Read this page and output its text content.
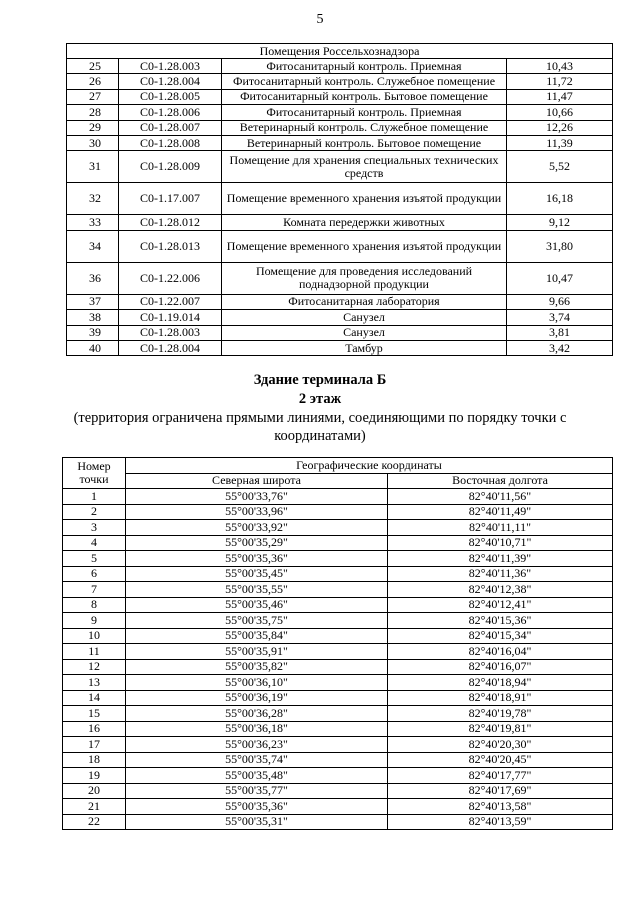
5
Помещения Россельхознадзора			
25	С0-1.28.003	Фитосанитарный контроль. Приемная	10,43
26	С0-1.28.004	Фитосанитарный контроль. Служебное помещение	11,72
27	С0-1.28.005	Фитосанитарный контроль. Бытовое помещение	11,47
28	С0-1.28.006	Фитосанитарный контроль. Приемная	10,66
29	С0-1.28.007	Ветеринарный контроль. Служебное помещение	12,26
30	С0-1.28.008	Ветеринарный контроль. Бытовое помещение	11,39
31	С0-1.28.009	Помещение для хранения специальных технических средств	5,52
32	С0-1.17.007	Помещение временного хранения изъятой продукции	16,18
33	С0-1.28.012	Комната передержки животных	9,12
34	С0-1.28.013	Помещение временного хранения изъятой продукции	31,80
36	С0-1.22.006	Помещение для проведения исследований поднадзорной продукции	10,47
37	С0-1.22.007	Фитосанитарная лаборатория	9,66
38	С0-1.19.014	Санузел	3,74
39	С0-1.28.003	Санузел	3,81
40	С0-1.28.004	Тамбур	3,42
Здание терминала Б
2 этаж
(территория ограничена прямыми линиями, соединяющими по порядку точки с координатами)
Номер точки	Географические координаты	
	Северная широта	Восточная долгота
1	55°00'33,76"	82°40'11,56"
2	55°00'33,96"	82°40'11,49"
3	55°00'33,92"	82°40'11,11"
4	55°00'35,29"	82°40'10,71"
5	55°00'35,36"	82°40'11,39"
6	55°00'35,45"	82°40'11,36"
7	55°00'35,55"	82°40'12,38"
8	55°00'35,46"	82°40'12,41"
9	55°00'35,75"	82°40'15,36"
10	55°00'35,84"	82°40'15,34"
11	55°00'35,91"	82°40'16,04"
12	55°00'35,82"	82°40'16,07"
13	55°00'36,10"	82°40'18,94"
14	55°00'36,19"	82°40'18,91"
15	55°00'36,28"	82°40'19,78"
16	55°00'36,18"	82°40'19,81"
17	55°00'36,23"	82°40'20,30"
18	55°00'35,74"	82°40'20,45"
19	55°00'35,48"	82°40'17,77"
20	55°00'35,77"	82°40'17,69"
21	55°00'35,36"	82°40'13,58"
22	55°00'35,31"	82°40'13,59"
